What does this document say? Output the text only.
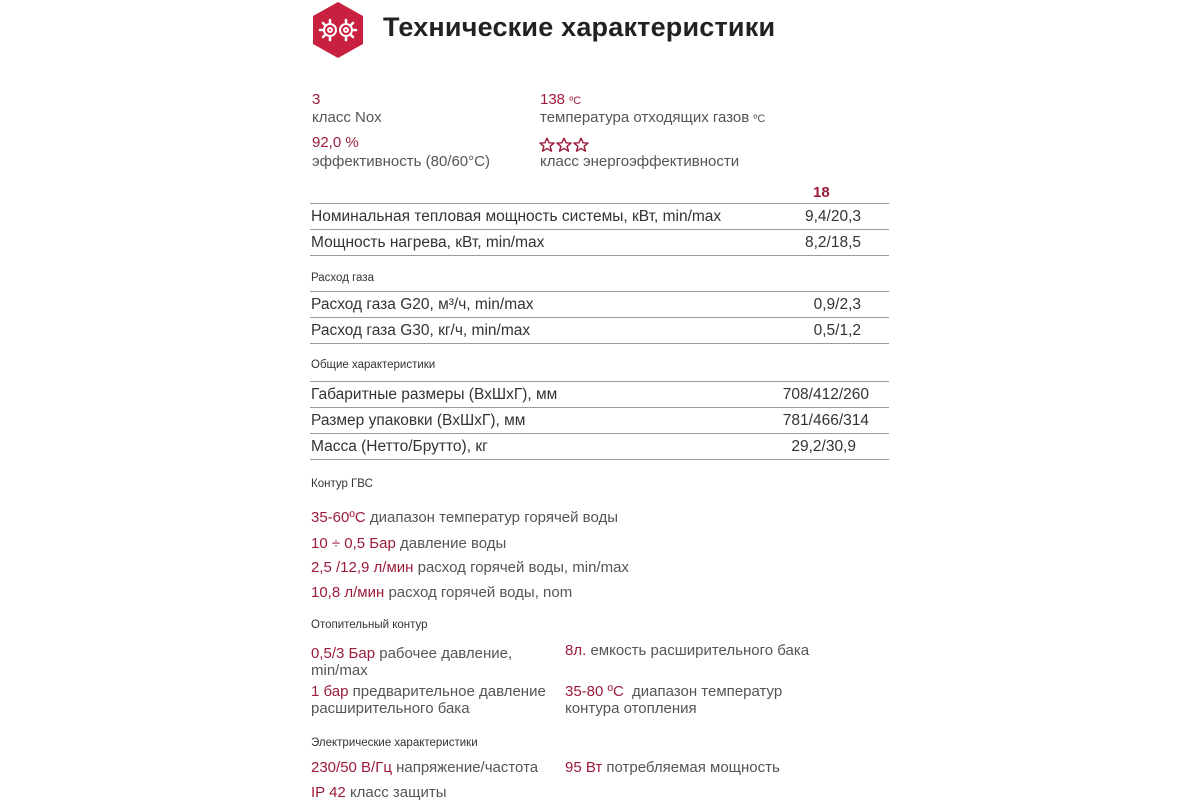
Технические характеристики
3
класс Nox
138 ºС
температура отходящих газов ºС
92,0 %
эффективность (80/60°С)	класс энергоэффективности
18
Номинальная тепловая мощность системы, кВт, min/max	9,4/20,3
Мощность нагрева, кВт, min/max	8,2/18,5
Расход газа
Расход газа G20, м³/ч, min/max	0,9/2,3
Расход газа G30, кг/ч, min/max	0,5/1,2
Общие характеристики
Габаритные размеры (ВхШхГ), мм	708/412/260
Размер упаковки (ВхШхГ), мм	781/466/314
Масса (Нетто/Брутто), кг	29,2/30,9
Контур ГВС
35-60ºС диапазон температур горячей воды
10 ÷ 0,5 Бар давление воды
2,5 /12,9 л/мин расход горячей воды, min/max
10,8 л/мин расход горячей воды, nom
Отопительный контур
0,5/3 Бар рабочее давление,
min/max
8л. емкость расширительного бака
1 бар предварительное давление
расширительного бака
35-80 ºС диапазон температур
контура отопления
Электрические характеристики
230/50 В/Гц напряжение/частота 95 Вт потребляемая мощность
IP 42 класс защиты
